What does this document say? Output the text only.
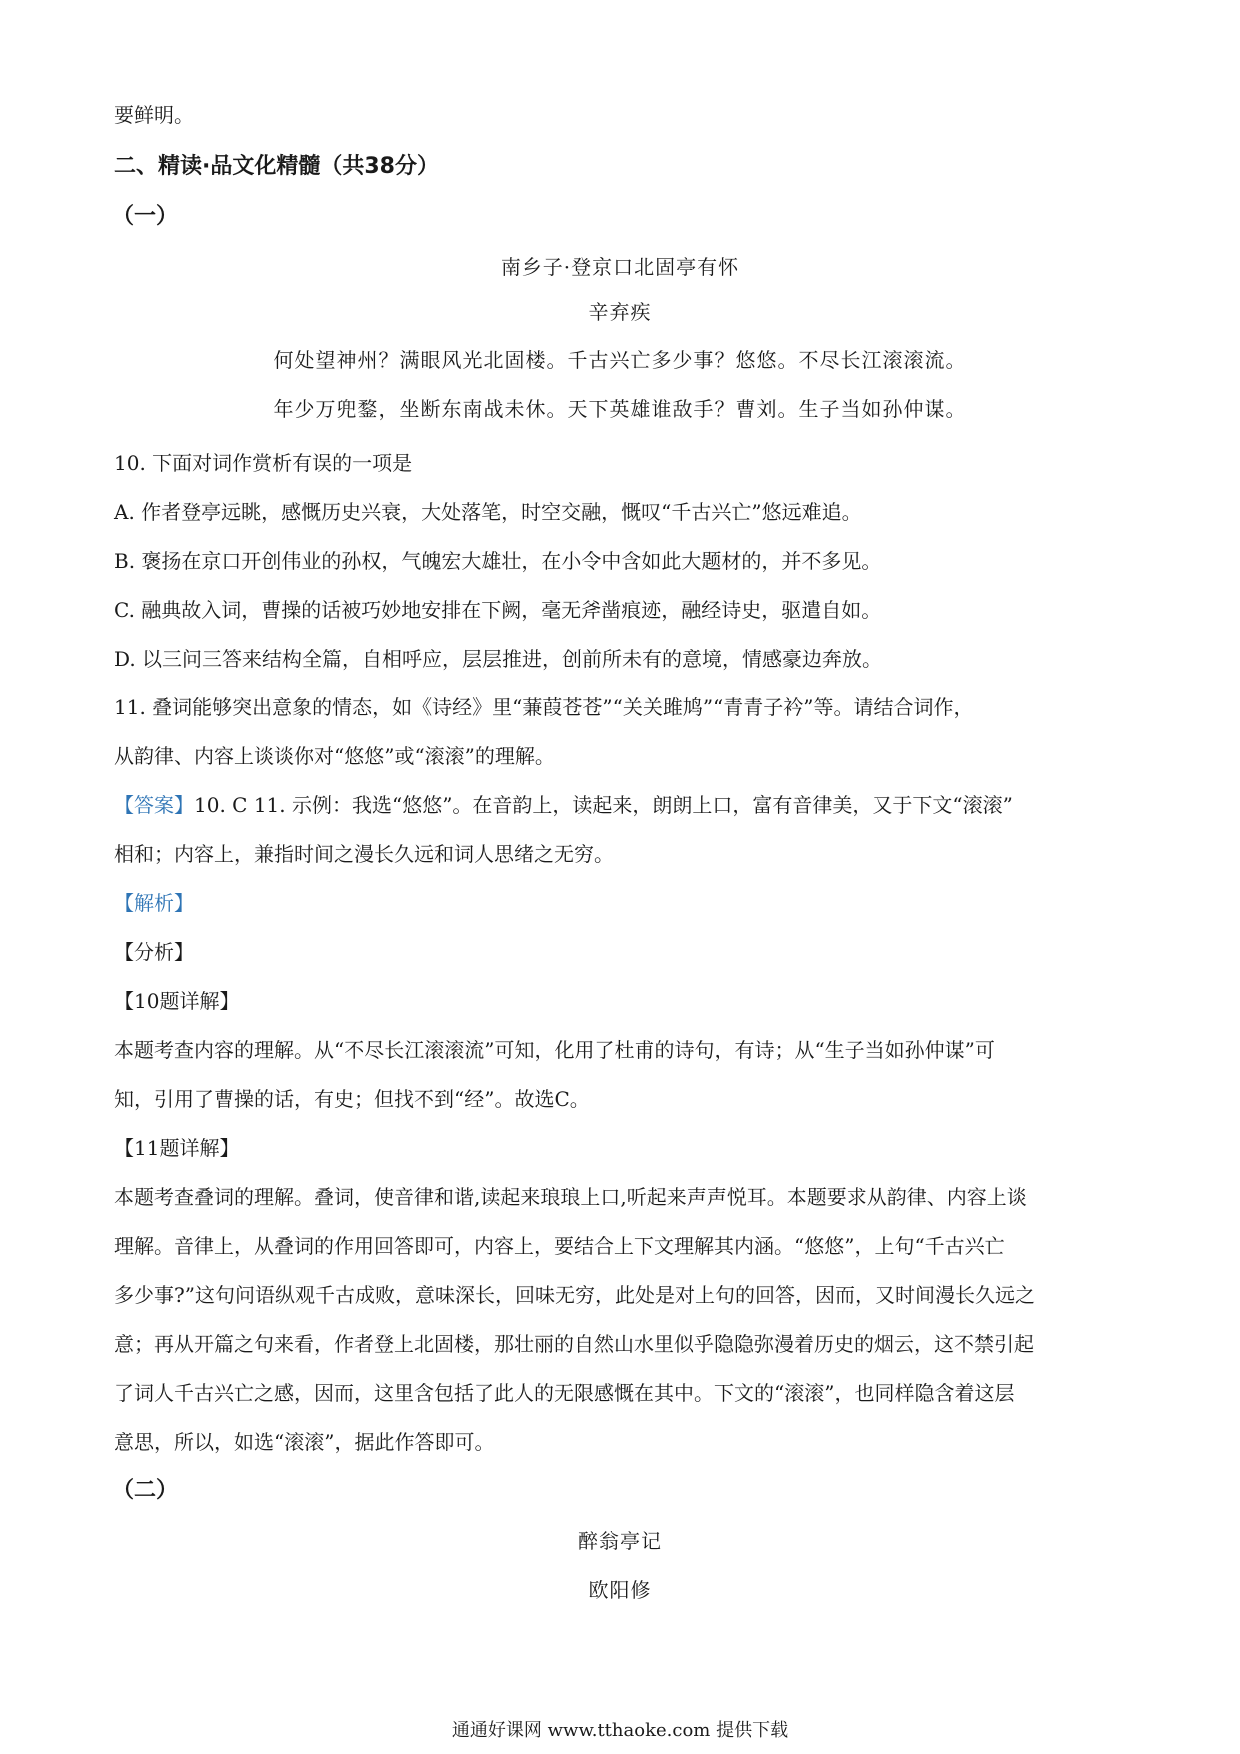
要鲜明。
二、精读·品文化精髓（共38分）
（一）
南乡子·登京口北固亭有怀
辛弃疾
何处望神州？满眼风光北固楼。千古兴亡多少事？悠悠。不尽长江滚滚流。
年少万兜鍪，坐断东南战未休。天下英雄谁敌手？曹刘。生子当如孙仲谋。
10. 下面对词作赏析有误的一项是
A. 作者登亭远眺，感慨历史兴衰，大处落笔，时空交融，慨叹“千古兴亡”悠远难追。
B. 褒扬在京口开创伟业的孙权，气魄宏大雄壮，在小令中含如此大题材的，并不多见。
C. 融典故入词，曹操的话被巧妙地安排在下阙，毫无斧凿痕迹，融经诗史，驱遣自如。
D. 以三问三答来结构全篇，自相呼应，层层推进，创前所未有的意境，情感豪边奔放。
11. 叠词能够突出意象的情态，如《诗经》里“蒹葭苍苍”“关关雎鸠”“青青子衿”等。请结合词作，
从韵律、内容上谈谈你对“悠悠”或“滚滚”的理解。
【答案】10. C 11. 示例：我选“悠悠”。在音韵上，读起来，朗朗上口，富有音律美，又于下文“滚滚”
相和；内容上，兼指时间之漫长久远和词人思绪之无穷。
【解析】
【分析】
【10题详解】
本题考查内容的理解。从“不尽长江滚滚流”可知，化用了杜甫的诗句，有诗；从“生子当如孙仲谋”可
知，引用了曹操的话，有史；但找不到“经”。故选C。
【11题详解】
本题考查叠词的理解。叠词，使音律和谐,读起来琅琅上口,听起来声声悦耳。本题要求从韵律、内容上谈
理解。音律上，从叠词的作用回答即可，内容上，要结合上下文理解其内涵。“悠悠”，上句“千古兴亡
多少事?”这句问语纵观千古成败，意味深长，回味无穷，此处是对上句的回答，因而，又时间漫长久远之
意；再从开篇之句来看，作者登上北固楼，那壮丽的自然山水里似乎隐隐弥漫着历史的烟云，这不禁引起
了词人千古兴亡之感，因而，这里含包括了此人的无限感慨在其中。下文的“滚滚”，也同样隐含着这层
意思，所以，如选“滚滚”，据此作答即可。
（二）
醉翁亭记
欧阳修
通通好课网 www.tthaoke.com 提供下载
